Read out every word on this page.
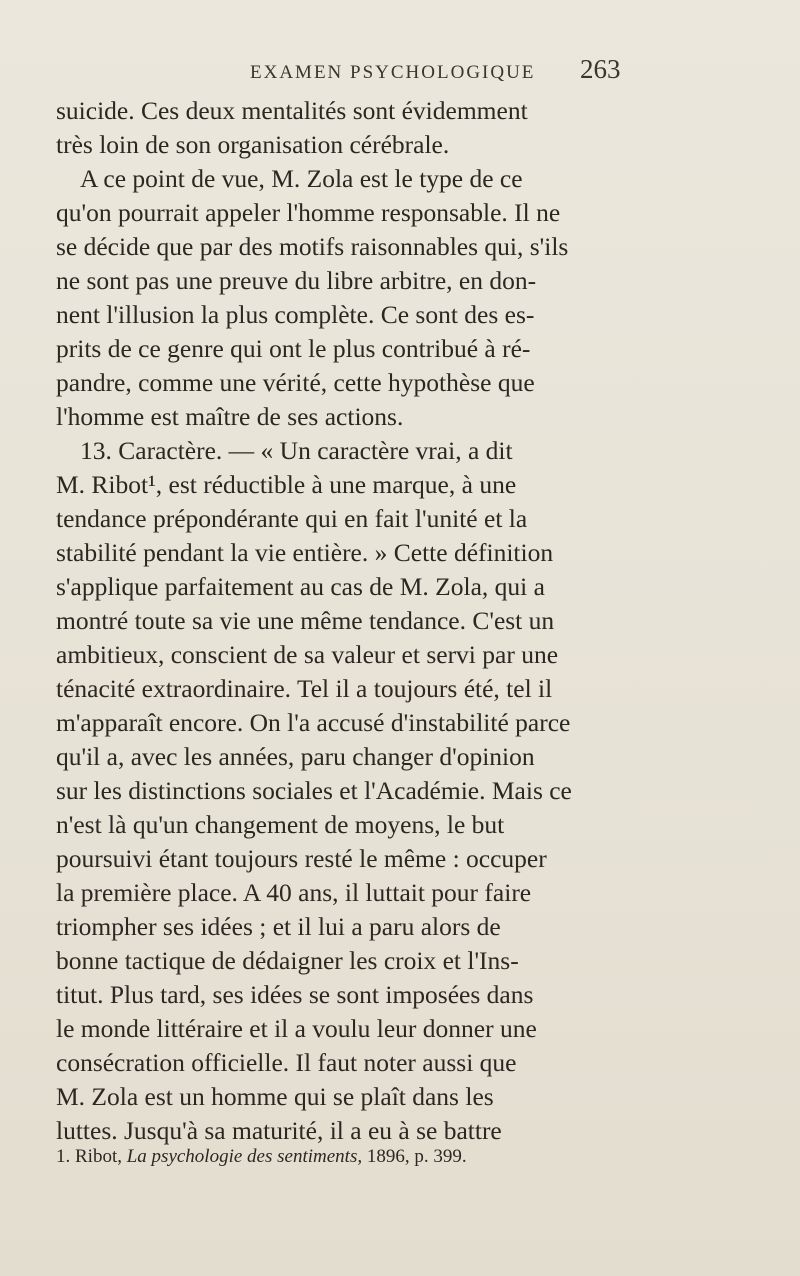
EXAMEN PSYCHOLOGIQUE 263
suicide. Ces deux mentalités sont évidemment
très loin de son organisation cérébrale.
A ce point de vue, M. Zola est le type de ce
qu'on pourrait appeler l'homme responsable. Il ne
se décide que par des motifs raisonnables qui, s'ils
ne sont pas une preuve du libre arbitre, en don-
nent l'illusion la plus complète. Ce sont des es-
prits de ce genre qui ont le plus contribué à ré-
pandre, comme une vérité, cette hypothèse que
l'homme est maître de ses actions.
13. Caractère. — « Un caractère vrai, a dit
M. Ribot¹, est réductible à une marque, à une
tendance prépondérante qui en fait l'unité et la
stabilité pendant la vie entière. » Cette définition
s'applique parfaitement au cas de M. Zola, qui a
montré toute sa vie une même tendance. C'est un
ambitieux, conscient de sa valeur et servi par une
ténacité extraordinaire. Tel il a toujours été, tel il
m'apparaît encore. On l'a accusé d'instabilité parce
qu'il a, avec les années, paru changer d'opinion
sur les distinctions sociales et l'Académie. Mais ce
n'est là qu'un changement de moyens, le but
poursuivi étant toujours resté le même : occuper
la première place. A 40 ans, il luttait pour faire
triompher ses idées ; et il lui a paru alors de
bonne tactique de dédaigner les croix et l'Ins-
titut. Plus tard, ses idées se sont imposées dans
le monde littéraire et il a voulu leur donner une
consécration officielle. Il faut noter aussi que
M. Zola est un homme qui se plaît dans les
luttes. Jusqu'à sa maturité, il a eu à se battre
1. Ribot, La psychologie des sentiments, 1896, p. 399.
